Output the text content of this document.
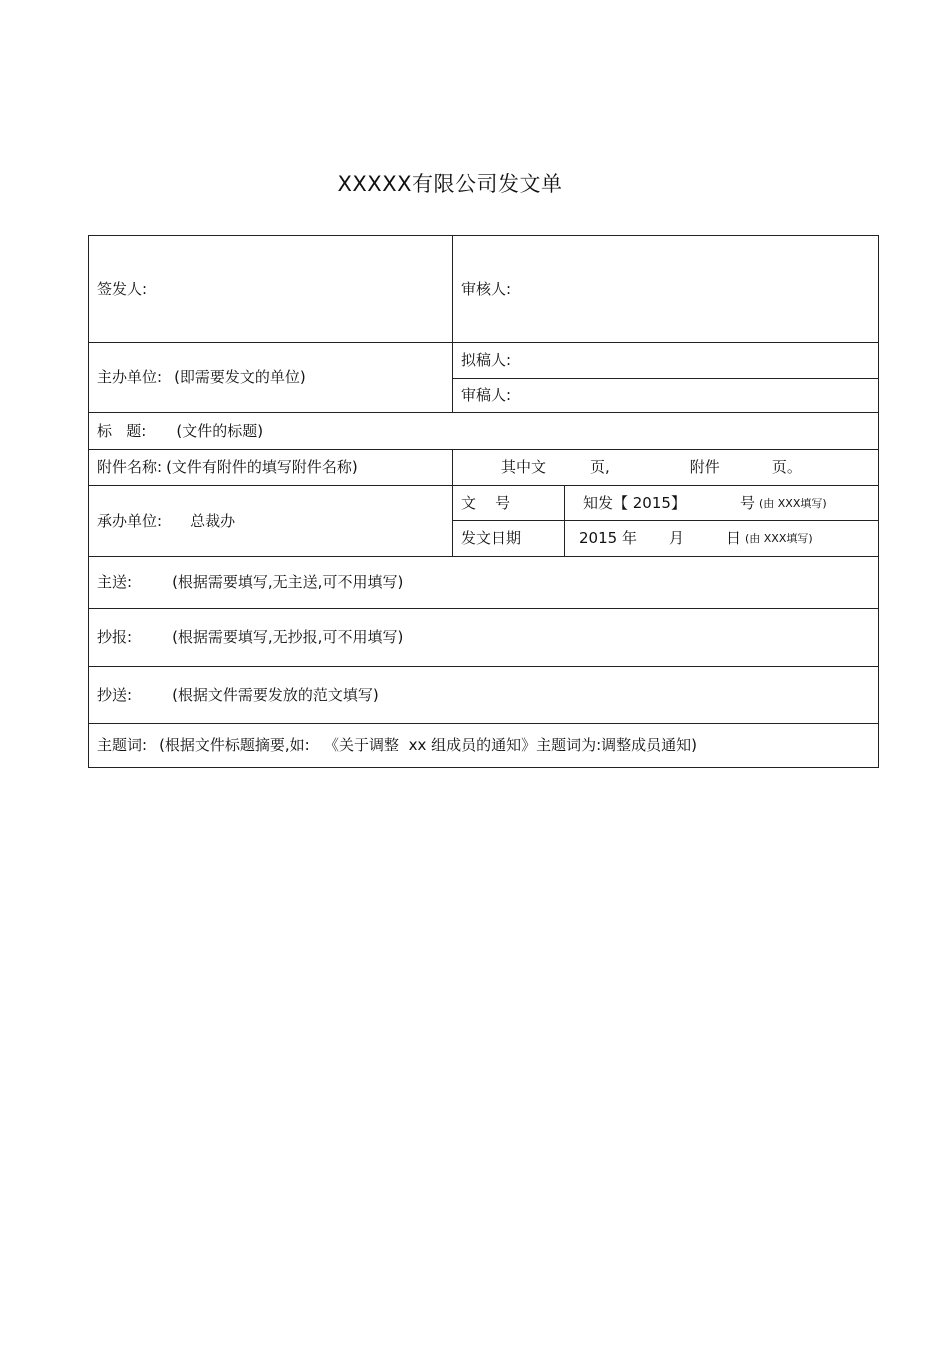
XXXXX有限公司发文单
签发人:	审核人:
主办单位: (即需要发文的单位)
拟稿人:
审稿人:
标   题: (文件的标题)
附件名称: (文件有附件的填写附件名称)	其中文	页,	附件	页。
承办单位: 总裁办
文    号	知发【 2015】	号 (由 XXX填写)
发文日期	2015 年 月	日 (由 XXX填写)
主送:	(根据需要填写,无主送,可不用填写)
抄报:	(根据需要填写,无抄报,可不用填写)
抄送:	(根据文件需要发放的范文填写)
主题词: (根据文件标题摘要,如:   《关于调整  xx 组成员的通知》主题词为:调整成员通知)
